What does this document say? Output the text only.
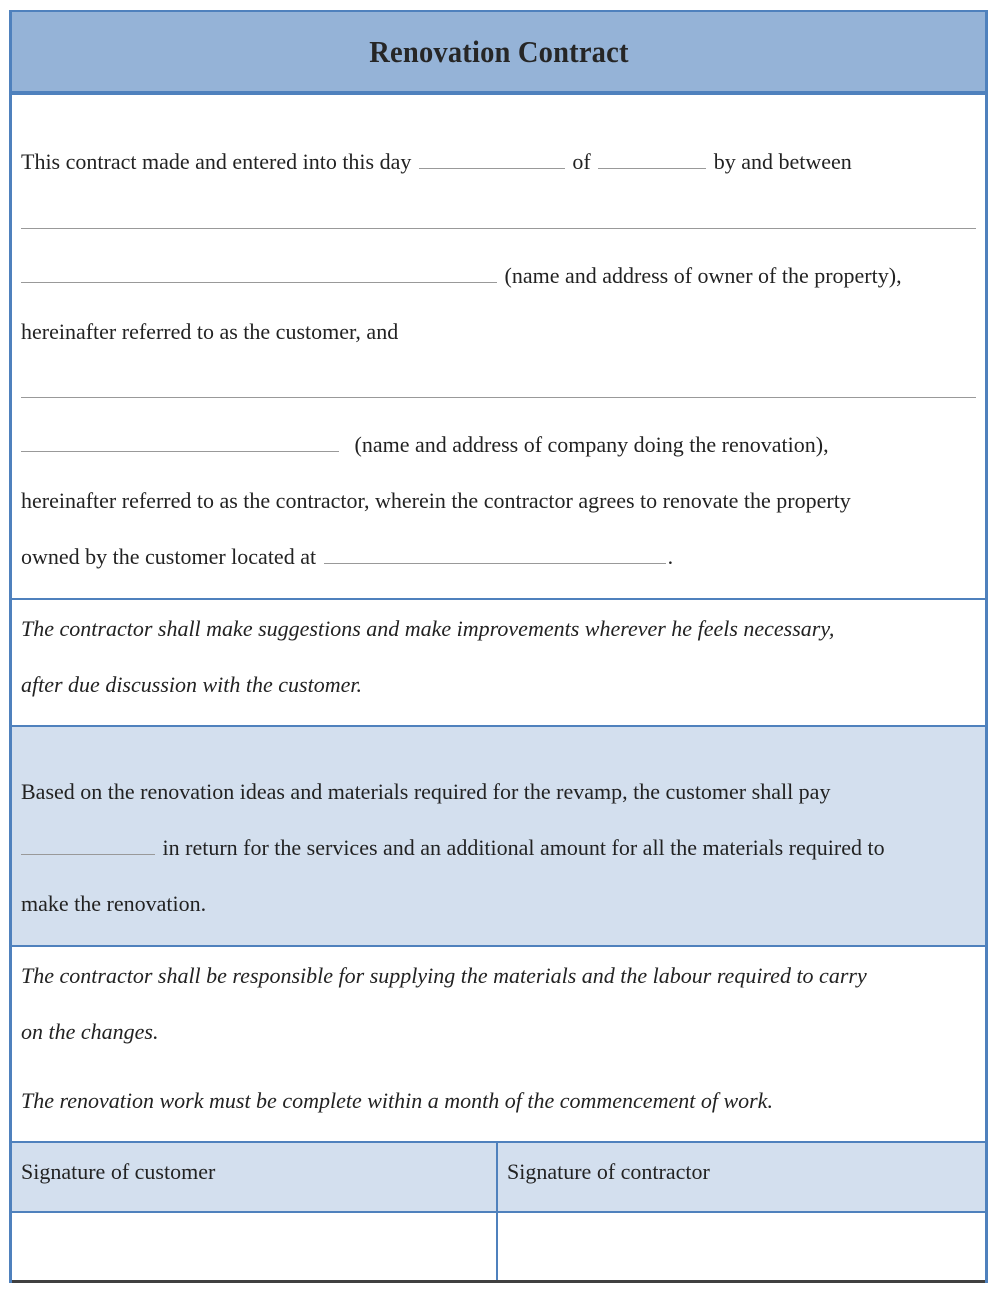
Renovation Contract
This contract made and entered into this day	of	by and between
(name and address of owner of the property),
hereinafter referred to as the customer, and
(name and address of company doing the renovation),
hereinafter referred to as the contractor, wherein the contractor agrees to renovate the property
owned by the customer located at	.
The contractor shall make suggestions and make improvements wherever he feels necessary,
after due discussion with the customer.
Based on the renovation ideas and materials required for the revamp, the customer shall pay
in return for the services and an additional amount for all the materials required to
make the renovation.
The contractor shall be responsible for supplying the materials and the labour required to carry
on the changes.
The renovation work must be complete within a month of the commencement of work.
Signature of customer	Signature of contractor
